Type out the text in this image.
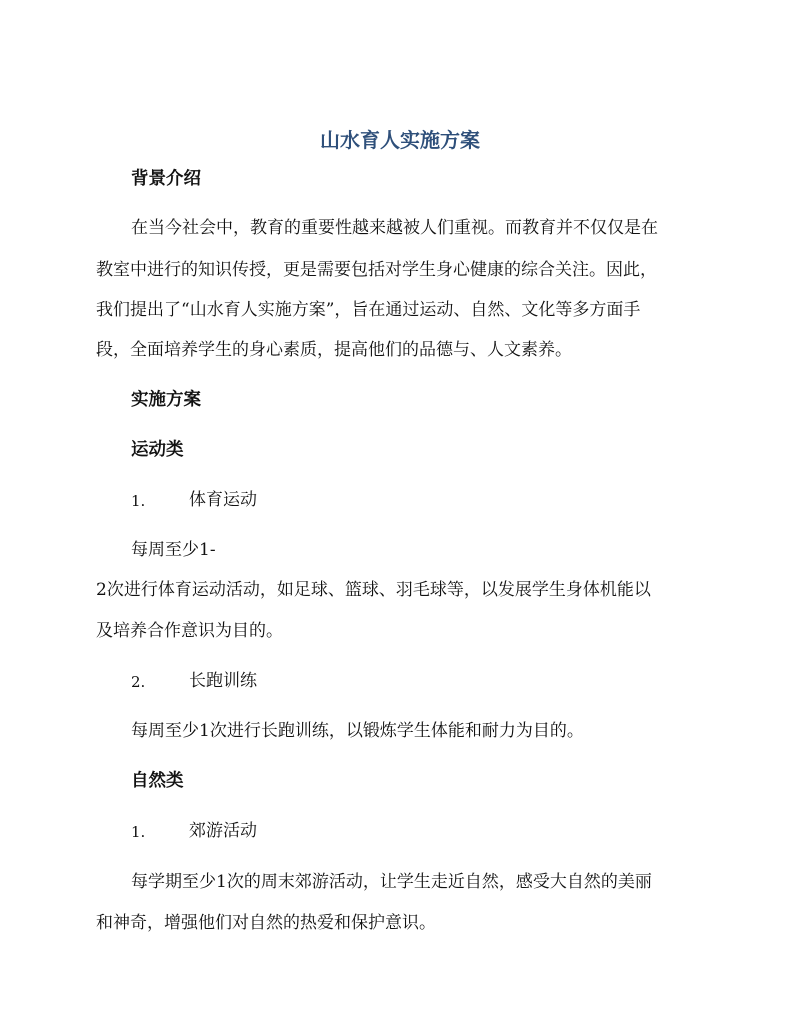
山水育人实施方案
背景介绍
在当今社会中，教育的重要性越来越被人们重视。而教育并不仅仅是在
教室中进行的知识传授，更是需要包括对学生身心健康的综合关注。因此，
我们提出了“山水育人实施方案”，旨在通过运动、自然、文化等多方面手
段，全面培养学生的身心素质，提高他们的品德与、人文素养。
实施方案
运动类
1.	体育运动
每周至少1-
2次进行体育运动活动，如足球、篮球、羽毛球等，以发展学生身体机能以
及培养合作意识为目的。
2.	长跑训练
每周至少1次进行长跑训练，以锻炼学生体能和耐力为目的。
自然类
1.	郊游活动
每学期至少1次的周末郊游活动，让学生走近自然，感受大自然的美丽
和神奇，增强他们对自然的热爱和保护意识。
